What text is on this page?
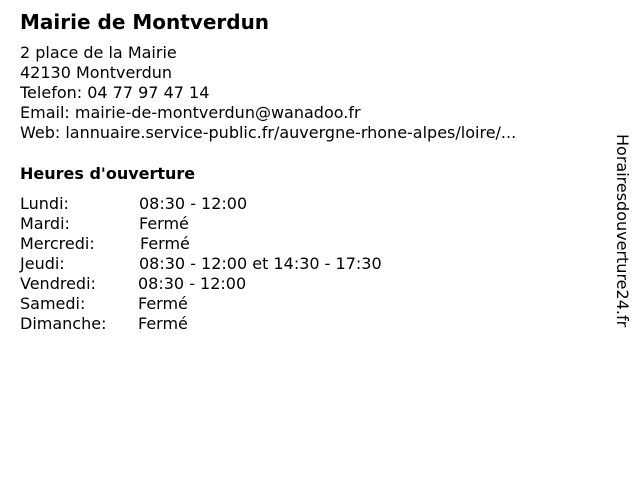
Mairie de Montverdun
2 place de la Mairie
42130 Montverdun
Telefon: 04 77 97 47 14
Email: mairie-de-montverdun@wanadoo.fr
Web: lannuaire.service-public.fr/auvergne-rhone-alpes/loire/...
Heures d'ouverture
Lundi:	08:30 - 12:00
Mardi:	Fermé
Mercredi:	Fermé
Jeudi:	08:30 - 12:00 et 14:30 - 17:30
Vendredi:	08:30 - 12:00
Samedi:	Fermé
Dimanche: Fermé	Horairesdouverture24.fr
